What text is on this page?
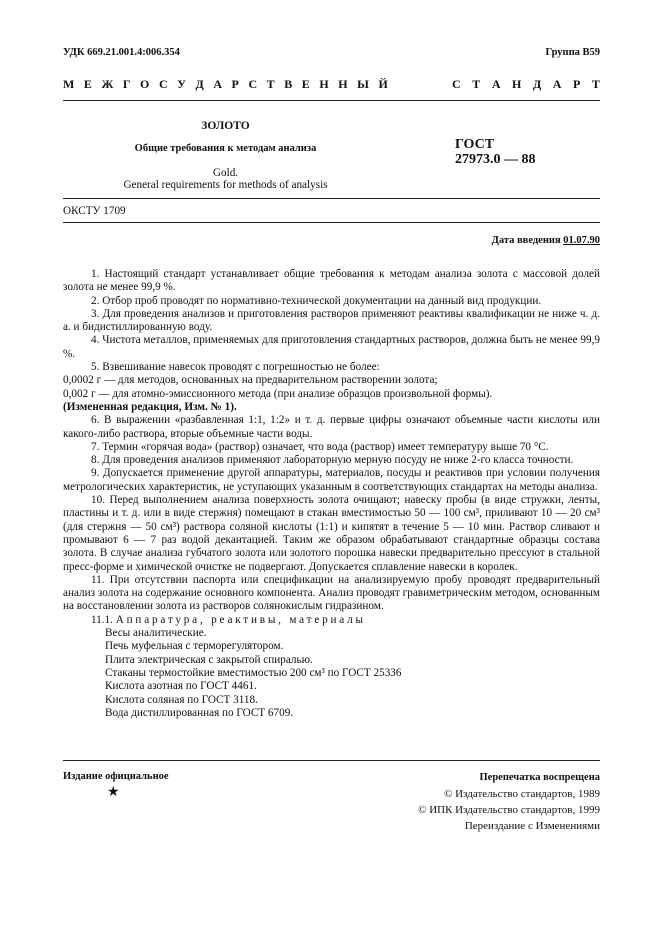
УДК 669.21.001.4:006.354	Группа В59
М Е Ж Г О С У Д А Р С Т В Е Н Н Ы Й	С Т А Н Д А Р Т
ЗОЛОТО
Общие требования к методам анализа
Gold.
General requirements for methods of analysis
ГОСТ
27973.0 — 88
ОКСТУ 1709
Дата введения 01.07.90

1. Настоящий стандарт устанавливает общие требования к методам анализа золота с массовой долей золота не менее 99,9 %.

2. Отбор проб проводят по нормативно-технической документации на данный вид продукции.

3. Для проведения анализов и приготовления растворов применяют реактивы квалификации не ниже ч. д. а. и бидистиллированную воду.

4. Чистота металлов, применяемых для приготовления стандартных растворов, должна быть не менее 99,9 %.

5. Взвешивание навесок проводят с погрешностью не более:

0,0002 г — для методов, основанных на предварительном растворении золота;

0,002 г — для атомно-эмиссионного метода (при анализе образцов произвольной формы).

(Измененная редакция, Изм. № 1).

6. В выражении «разбавленная 1:1, 1:2» и т. д. первые цифры означают объемные части кислоты или какого-либо раствора, вторые объемные части воды.

7. Термин «горячая вода» (раствор) означает, что вода (раствор) имеет температуру выше 70 °С.

8. Для проведения анализов применяют лабораторную мерную посуду не ниже 2-го класса точности.

9. Допускается применение другой аппаратуры, материалов, посуды и реактивов при условии получения метрологических характеристик, не уступающих указанным в соответствующих стандартах на методы анализа.

10. Перед выполнением анализа поверхность золота очищают; навеску пробы (в виде стружки, ленты, пластины и т. д. или в виде стержня) помещают в стакан вместимостью 50 — 100 см³, приливают 10 — 20 см³ (для стержня — 50 см³) раствора соляной кислоты (1:1) и кипятят в течение 5 — 10 мин. Раствор сливают и промывают 6 — 7 раз водой декантацией. Таким же образом обрабатывают стандартные образцы состава золота. В случае анализа губчатого золота или золотого порошка навески предварительно прессуют в стальной пресс-форме и химической очистке не подвергают. Допускается сплавление навески в королек.

11. При отсутствии паспорта или спецификации на анализируемую пробу проводят предварительный анализ золота на содержание основного компонента. Анализ проводят гравиметрическим методом, основанным на восстановлении золота из растворов солянокислым гидразином.

11.1. Аппаратура, реактивы, материалы

Весы аналитические.

Печь муфельная с терморегулятором.

Плита электрическая с закрытой спиралью.

Стаканы термостойкие вместимостью 200 см³ по ГОСТ 25336

Кислота азотная по ГОСТ 4461.

Кислота соляная по ГОСТ 3118.

Вода дистиллированная по ГОСТ 6709.

Издание официальное
★
Перепечатка воспрещена
© Издательство стандартов, 1989
© ИПК Издательство стандартов, 1999
Переиздание с Изменениями
